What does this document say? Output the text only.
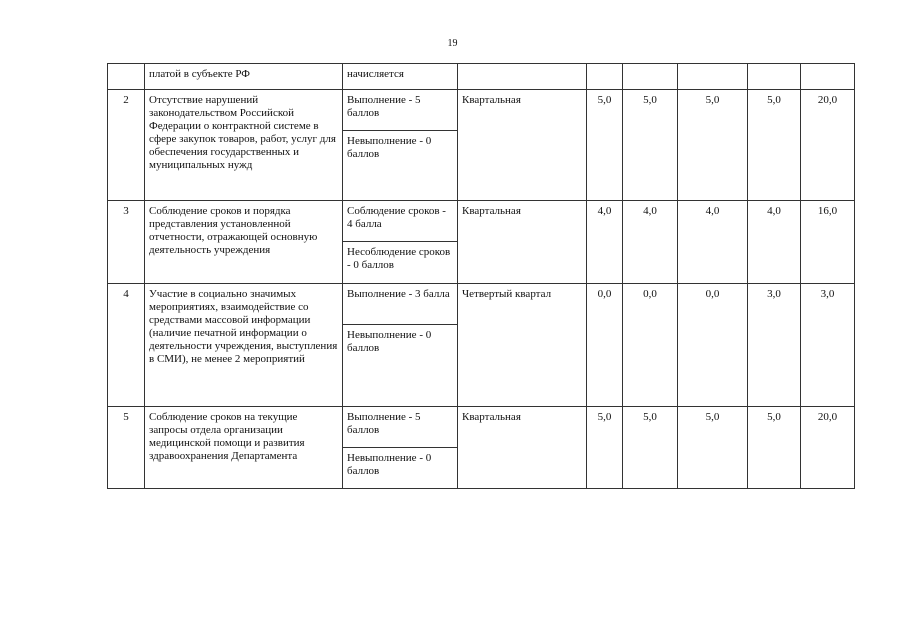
19
	платой в субъекте РФ	начисляется						
2	Отсутствие нарушений законодательством Российской Федерации о контрактной системе в сфере закупок товаров, работ, услуг для обеспечения государственных и муниципальных нужд	Выполнение - 5 баллов	Квартальная	5,0	5,0	5,0	5,0	20,0
		Невыполнение - 0 баллов						
3	Соблюдение сроков и порядка представления установленной отчетности, отражающей основную деятельность учреждения	Соблюдение сроков - 4 балла	Квартальная	4,0	4,0	4,0	4,0	16,0
		Несоблюдение сроков - 0 баллов						
4	Участие в социально значимых мероприятиях, взаимодействие со средствами массовой информации (наличие печатной информации о деятельности учреждения, выступления в СМИ), не менее 2 мероприятий	Выполнение - 3 балла	Четвертый квартал	0,0	0,0	0,0	3,0	3,0
		Невыполнение - 0 баллов						
5	Соблюдение сроков на текущие запросы отдела организации медицинской помощи и развития здравоохранения Департамента	Выполнение - 5 баллов	Квартальная	5,0	5,0	5,0	5,0	20,0
		Невыполнение - 0 баллов						
